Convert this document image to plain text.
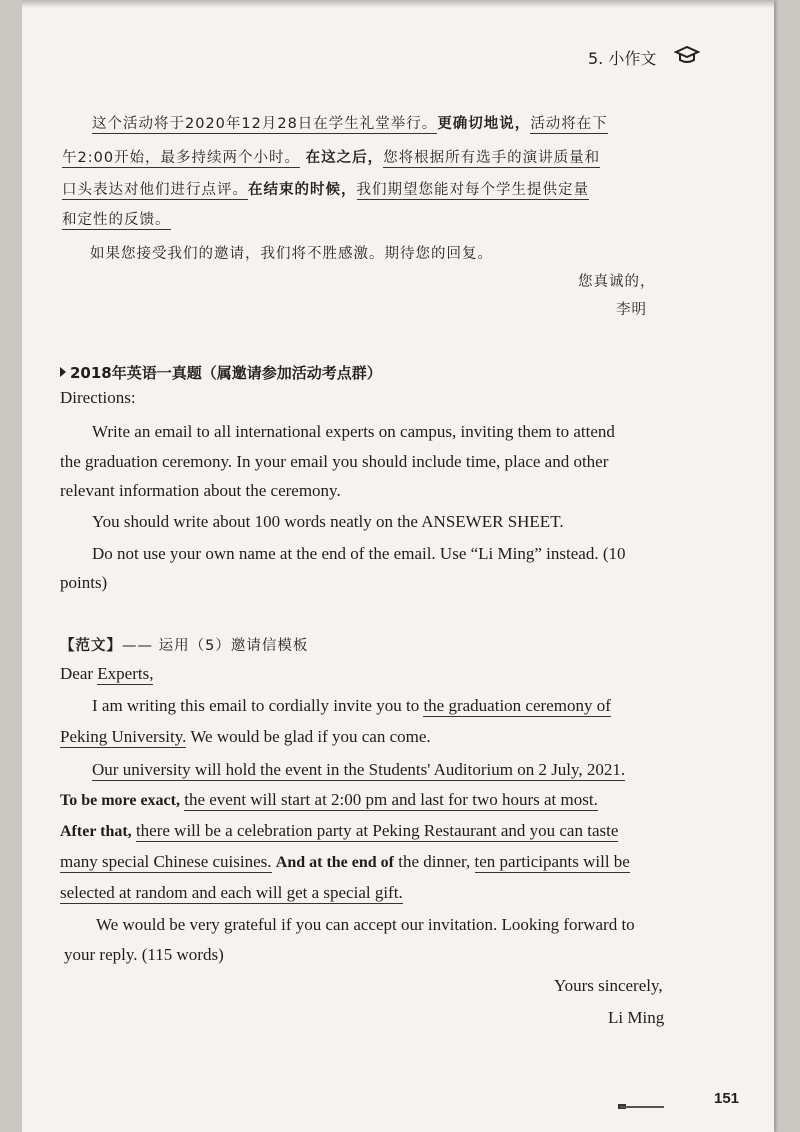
5. 小作文
这个活动将于2020年12月28日在学生礼堂举行。更确切地说，活动将在下
午2:00开始，最多持续两个小时。 在这之后，您将根据所有选手的演讲质量和
口头表达对他们进行点评。在结束的时候，我们期望您能对每个学生提供定量
和定性的反馈。
如果您接受我们的邀请，我们将不胜感激。期待您的回复。
您真诚的，
李明
2018年英语一真题（属邀请参加活动考点群）
Directions:
Write an email to all international experts on campus, inviting them to attend
the graduation ceremony. In your email you should include time, place and other
relevant information about the ceremony.
You should write about 100 words neatly on the ANSEWER SHEET.
Do not use your own name at the end of the email. Use “Li Ming” instead. (10
points)
【范文】—— 运用（5）邀请信模板
Dear Experts,
I am writing this email to cordially invite you to the graduation ceremony of
Peking University. We would be glad if you can come.
Our university will hold the event in the Students' Auditorium on 2 July, 2021.
To be more exact, the event will start at 2:00 pm and last for two hours at most.
After that, there will be a celebration party at Peking Restaurant and you can taste
many special Chinese cuisines. And at the end of the dinner, ten participants will be
selected at random and each will get a special gift.
We would be very grateful if you can accept our invitation. Looking forward to
your reply. (115 words)
Yours sincerely,
Li Ming
151
